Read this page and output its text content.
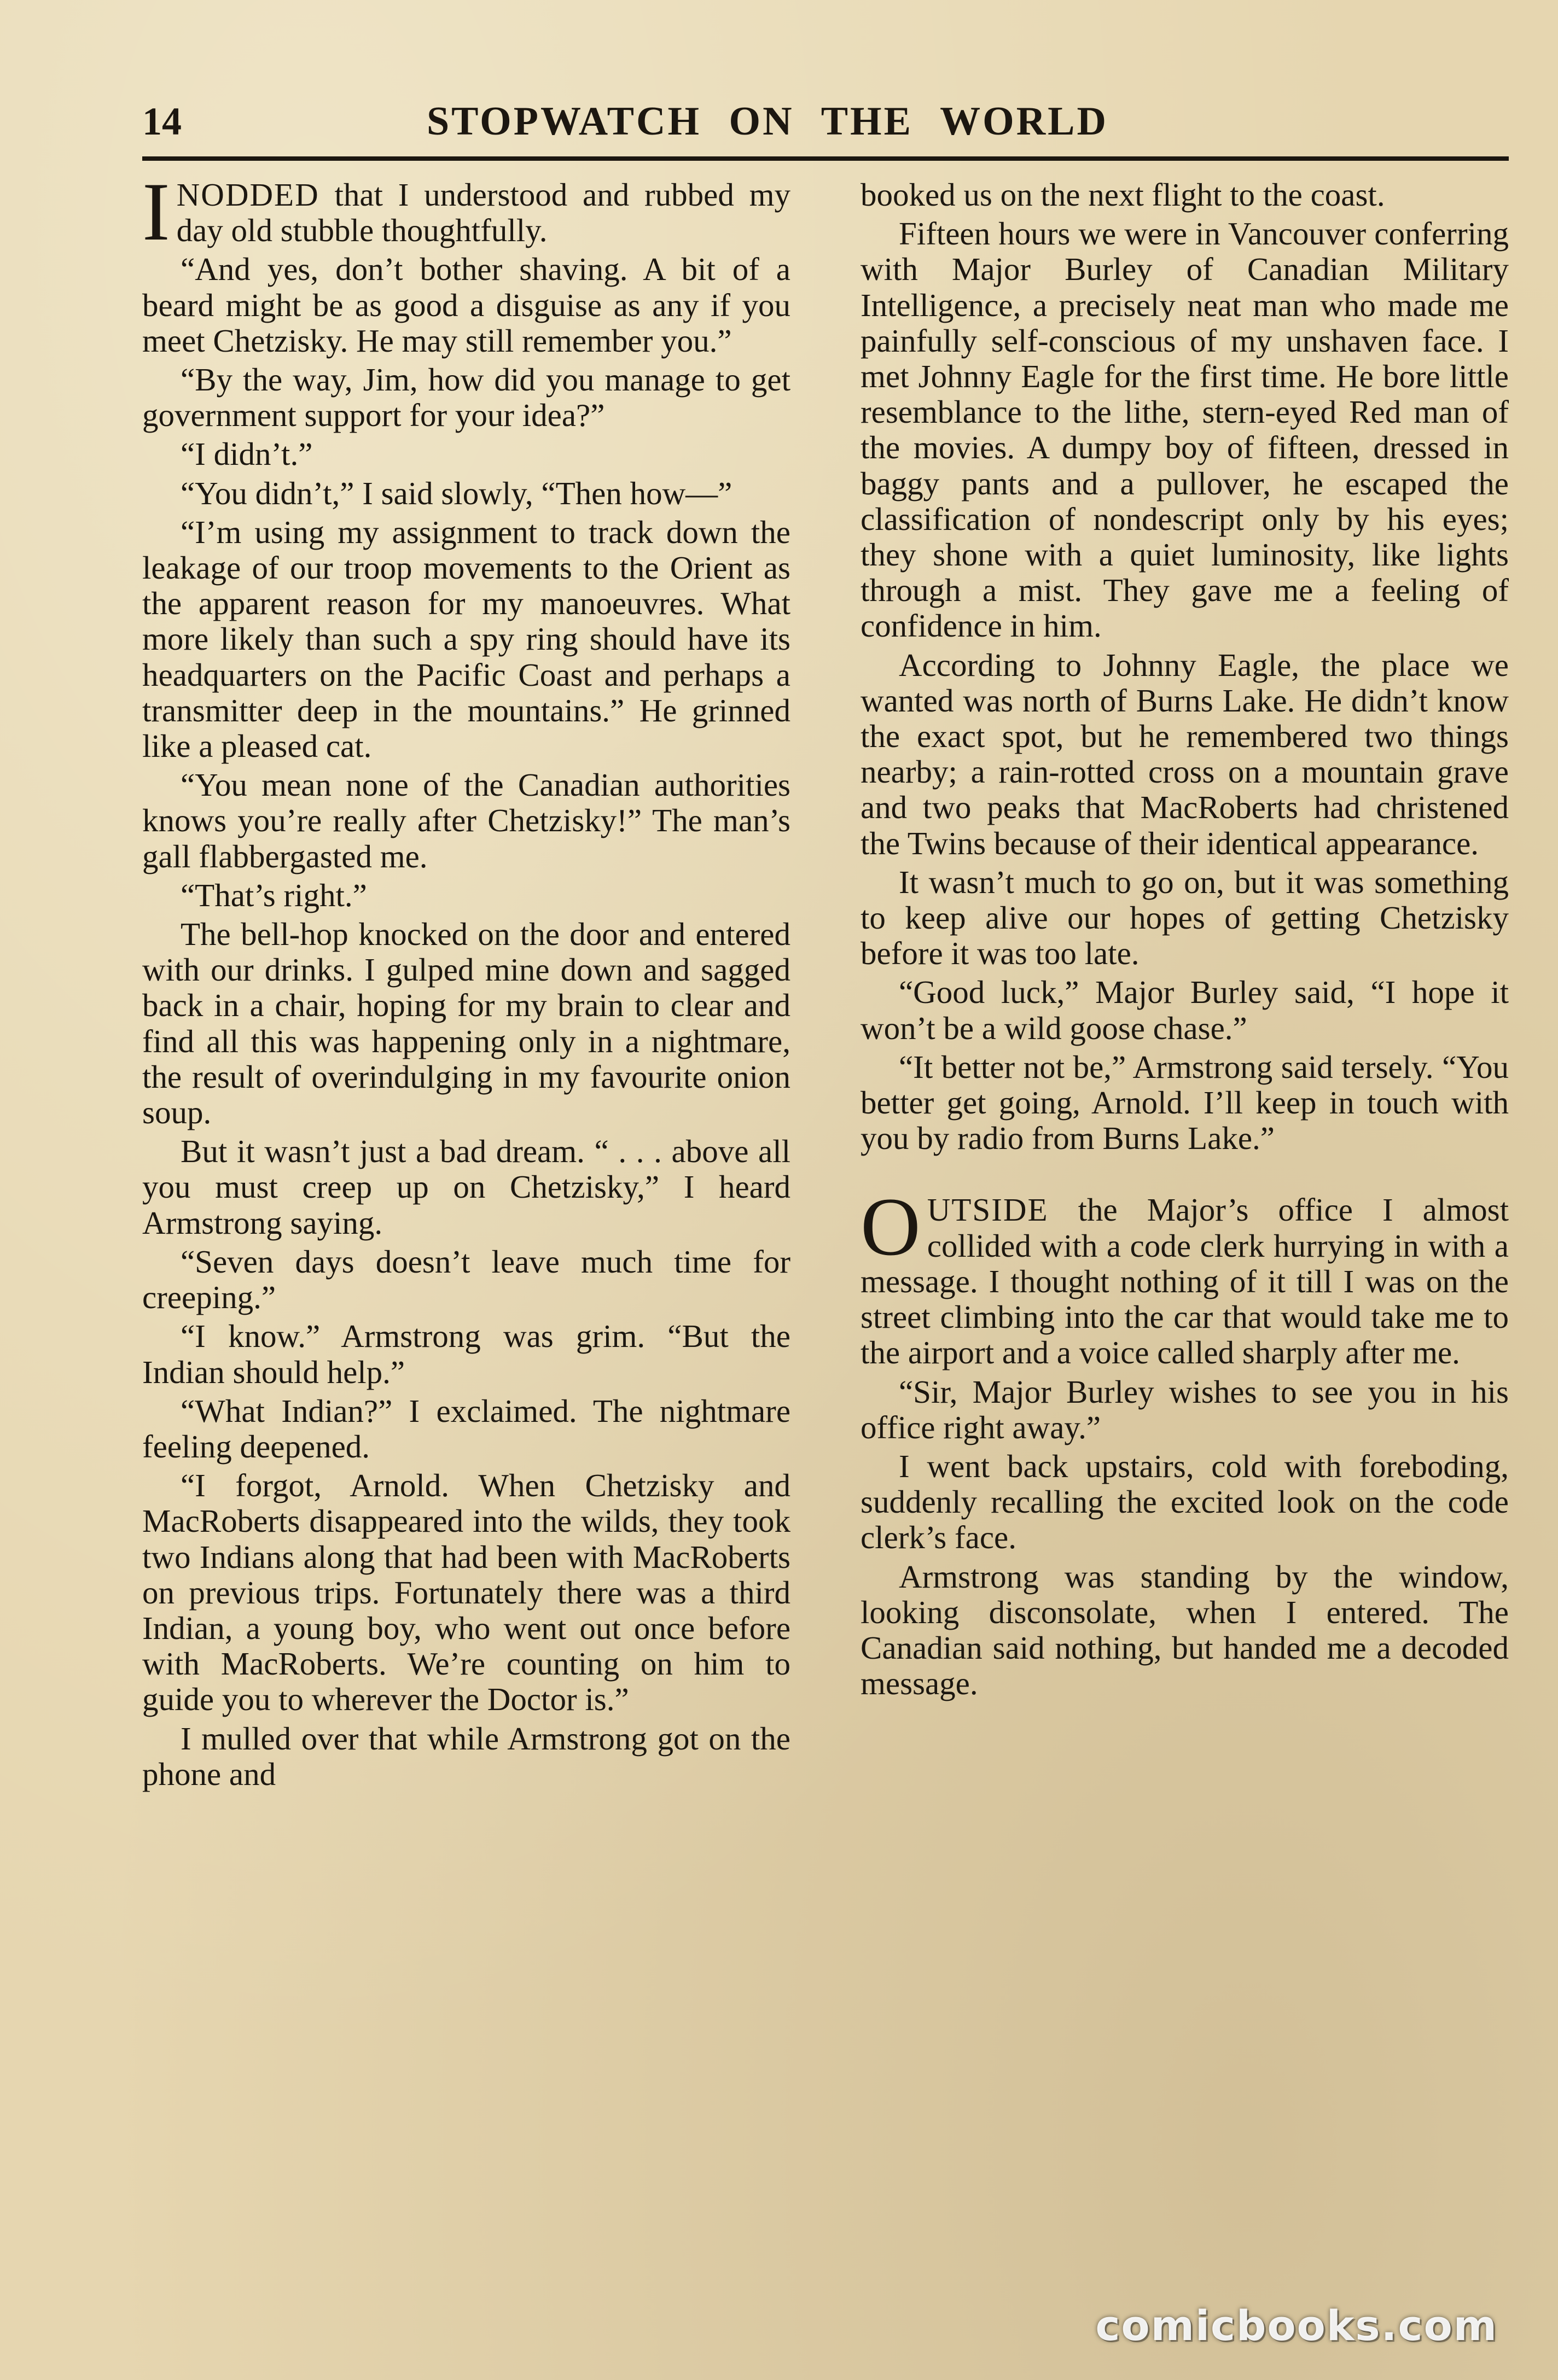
14	STOPWATCH ON THE WORLD

INODDED that I understood and rubbed my day old stubble thoughtfully.

“And yes, don’t bother shaving. A bit of a beard might be as good a disguise as any if you meet Chetzisky. He may still remember you.”

“By the way, Jim, how did you manage to get government support for your idea?”

“I didn’t.”

“You didn’t,” I said slowly, “Then how—”

“I’m using my assignment to track down the leakage of our troop movements to the Orient as the apparent reason for my manoeuvres. What more likely than such a spy ring should have its headquarters on the Pacific Coast and perhaps a transmitter deep in the mountains.” He grinned like a pleased cat.

“You mean none of the Canadian authorities knows you’re really after Chetzisky!” The man’s gall flabbergasted me.

“That’s right.”

The bell-hop knocked on the door and entered with our drinks. I gulped mine down and sagged back in a chair, hoping for my brain to clear and find all this was happening only in a nightmare, the result of overindulging in my favourite onion soup.

But it wasn’t just a bad dream. “ . . . above all you must creep up on Chetzisky,” I heard Armstrong saying.

“Seven days doesn’t leave much time for creeping.”

“I know.” Armstrong was grim. “But the Indian should help.”

“What Indian?” I exclaimed. The nightmare feeling deepened.

“I forgot, Arnold. When Chetzisky and MacRoberts disappeared into the wilds, they took two Indians along that had been with MacRoberts on previous trips. Fortunately there was a third Indian, a young boy, who went out once before with MacRoberts. We’re counting on him to guide you to wherever the Doctor is.”

I mulled over that while Armstrong got on the phone and

booked us on the next flight to the coast.

Fifteen hours we were in Vancouver conferring with Major Burley of Canadian Military Intelligence, a precisely neat man who made me painfully self-conscious of my unshaven face. I met Johnny Eagle for the first time. He bore little resemblance to the lithe, stern-eyed Red man of the movies. A dumpy boy of fifteen, dressed in baggy pants and a pullover, he escaped the classification of nondescript only by his eyes; they shone with a quiet luminosity, like lights through a mist. They gave me a feeling of confidence in him.

According to Johnny Eagle, the place we wanted was north of Burns Lake. He didn’t know the exact spot, but he remembered two things nearby; a rain-rotted cross on a mountain grave and two peaks that MacRoberts had christened the Twins because of their identical appearance.

It wasn’t much to go on, but it was something to keep alive our hopes of getting Chetzisky before it was too late.

“Good luck,” Major Burley said, “I hope it won’t be a wild goose chase.”

“It better not be,” Armstrong said tersely. “You better get going, Arnold. I’ll keep in touch with you by radio from Burns Lake.”

OUTSIDE the Major’s office I almost collided with a code clerk hurrying in with a message. I thought nothing of it till I was on the street climbing into the car that would take me to the airport and a voice called sharply after me.

“Sir, Major Burley wishes to see you in his office right away.”

I went back upstairs, cold with foreboding, suddenly recalling the excited look on the code clerk’s face.

Armstrong was standing by the window, looking disconsolate, when I entered. The Canadian said nothing, but handed me a decoded message.

comicbooks.com
